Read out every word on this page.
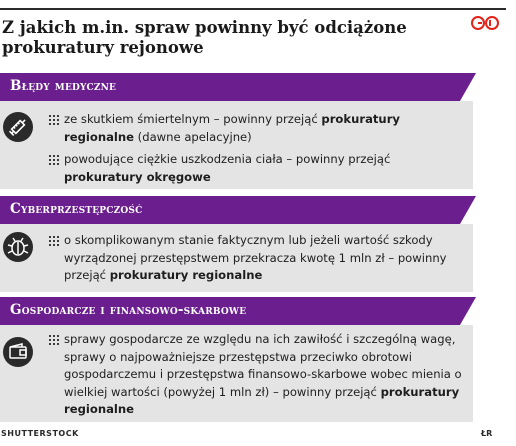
Z jakich m.in. spraw powinny być odciążone prokuratury rejonowe
Błędy medyczne
ze skutkiem śmiertelnym – powinny przejąć prokuratury regionalne (dawne apelacyjne)
powodujące ciężkie uszkodzenia ciała – powinny przejąć prokuratury okręgowe
Cyberprzestępczość
o skomplikowanym stanie faktycznym lub jeżeli wartość szkody wyrządzonej przestępstwem przekracza kwotę 1 mln zł – powinny przejąć prokuratury regionalne
Gospodarcze i finansowo-skarbowe
sprawy gospodarcze ze względu na ich zawiłość i szczególną wagę, sprawy o najpoważniejsze przestępstwa przeciwko obrotowi gospodarczemu i przestępstwa finansowo-skarbowe wobec mienia o wielkiej wartości (powyżej 1 mln zł) – powinny przejąć prokuratury regionalne
SHUTTERSTOCK	ŁR
